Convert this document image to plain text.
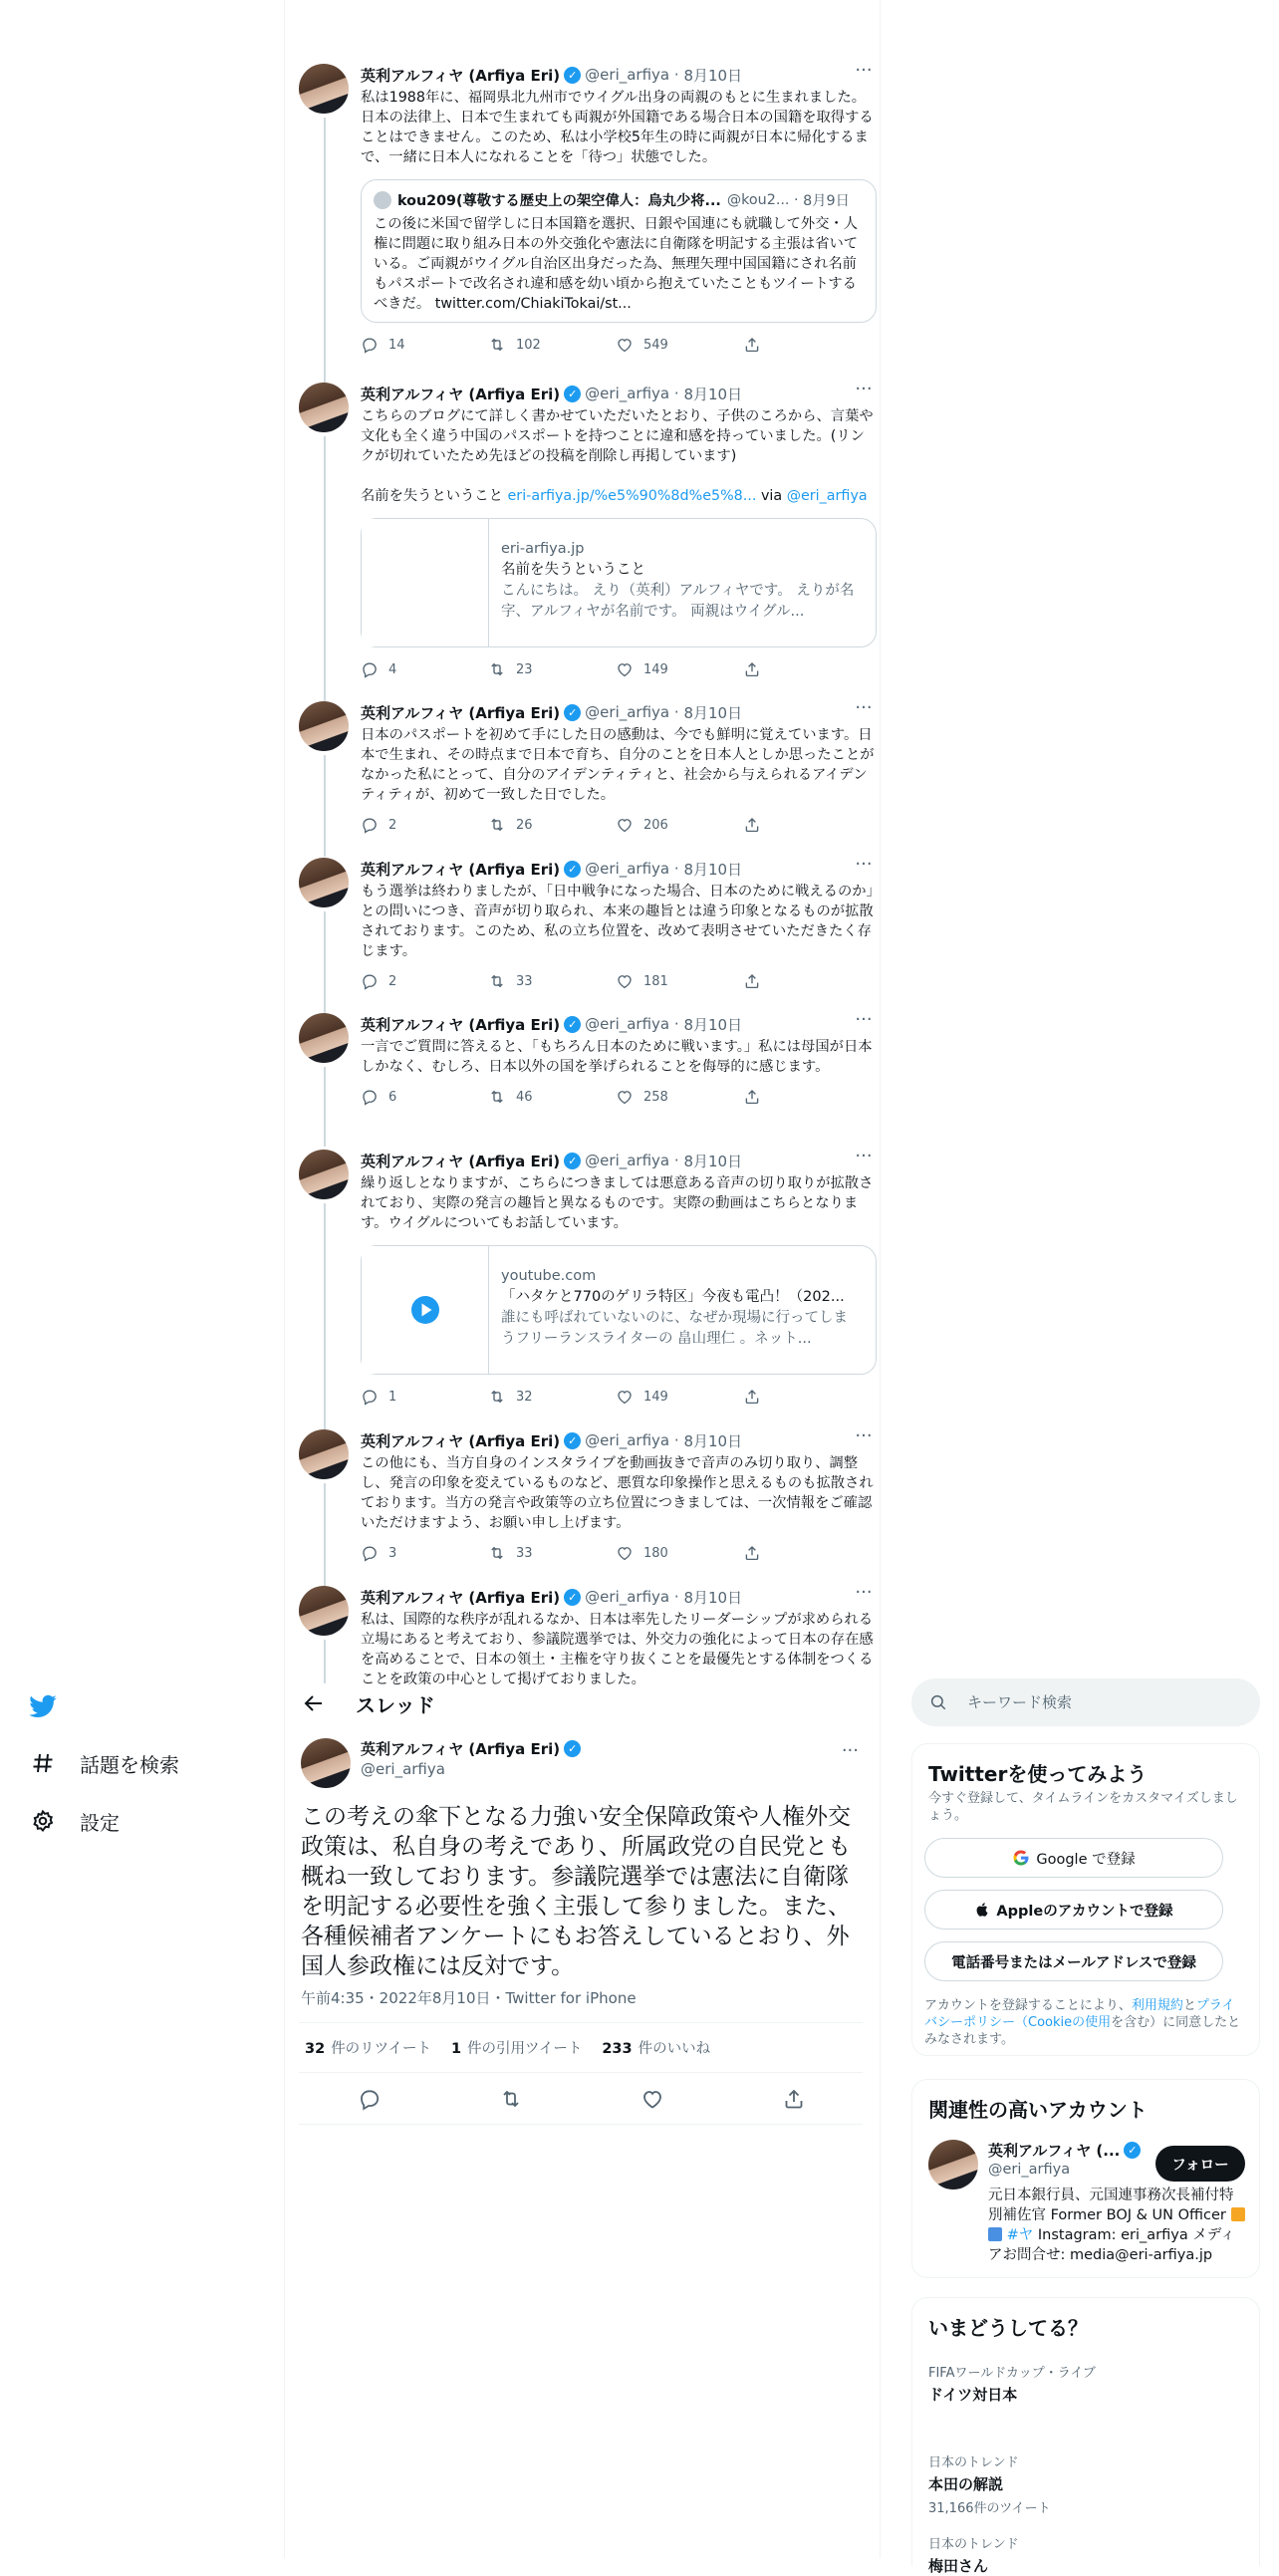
英利アルフィヤ (Arfiya Eri) ✓ @eri_arfiya · 8月10日	···
私は1988年に、福岡県北九州市でウイグル出身の両親のもとに生まれました。日本の法律上、日本で生まれても両親が外国籍である場合日本の国籍を取得することはできません。このため、私は小学校5年生の時に両親が日本に帰化するまで、一緒に日本人になれることを「待つ」状態でした。
kou209(尊敬する歴史上の架空偉人：烏丸少将... @kou2... · 8月9日
この後に米国で留学しに日本国籍を選択、日銀や国連にも就職して外交・人権に問題に取り組み日本の外交強化や憲法に自衛隊を明記する主張は省いている。ご両親がウイグル自治区出身だった為、無理矢理中国国籍にされ名前もパスポートで改名され違和感を幼い頃から抱えていたこともツイートするべきだ。 twitter.com/ChiakiTokai/st...
14	102	549
英利アルフィヤ (Arfiya Eri) ✓ @eri_arfiya · 8月10日	···
こちらのブログにて詳しく書かせていただいたとおり、子供のころから、言葉や文化も全く違う中国のパスポートを持つことに違和感を持っていました。(リンクが切れていたため先ほどの投稿を削除し再掲しています)
名前を失うということ eri-arfiya.jp/%e5%90%8d%e5%8... via @eri_arfiya
eri-arfiya.jp
名前を失うということ
こんにちは。 えり（英利）アルフィヤです。 えりが名字、アルフィヤが名前です。 両親はウイグル...
4	23	149
英利アルフィヤ (Arfiya Eri) ✓ @eri_arfiya · 8月10日	···
日本のパスポートを初めて手にした日の感動は、今でも鮮明に覚えています。日本で生まれ、その時点まで日本で育ち、自分のことを日本人としか思ったことがなかった私にとって、自分のアイデンティティと、社会から与えられるアイデンティティが、初めて一致した日でした。
2	26	206
英利アルフィヤ (Arfiya Eri) ✓ @eri_arfiya · 8月10日	···
もう選挙は終わりましたが、「日中戦争になった場合、日本のために戦えるのか」との問いにつき、音声が切り取られ、本来の趣旨とは違う印象となるものが拡散されております。このため、私の立ち位置を、改めて表明させていただきたく存じます。
2	33	181
英利アルフィヤ (Arfiya Eri) ✓ @eri_arfiya · 8月10日	···
一言でご質問に答えると、「もちろん日本のために戦います。」私には母国が日本しかなく、むしろ、日本以外の国を挙げられることを侮辱的に感じます。
6	46	258
英利アルフィヤ (Arfiya Eri) ✓ @eri_arfiya · 8月10日	···
繰り返しとなりますが、こちらにつきましては悪意ある音声の切り取りが拡散されており、実際の発言の趣旨と異なるものです。実際の動画はこちらとなります。ウイグルについてもお話しています。
youtube.com
「ハタケと770のゲリラ特区」今夜も電凸！（202...
誰にも呼ばれていないのに、なぜか現場に行ってしまうフリーランスライターの 畠山理仁 。ネット...
1	32	149
英利アルフィヤ (Arfiya Eri) ✓ @eri_arfiya · 8月10日	···
この他にも、当方自身のインスタライブを動画抜きで音声のみ切り取り、調整し、発言の印象を変えているものなど、悪質な印象操作と思えるものも拡散されております。当方の発言や政策等の立ち位置につきましては、一次情報をご確認いただけますよう、お願い申し上げます。
3	33	180
英利アルフィヤ (Arfiya Eri) ✓ @eri_arfiya · 8月10日	···
私は、国際的な秩序が乱れるなか、日本は率先したリーダーシップが求められる立場にあると考えており、参議院選挙では、外交力の強化によって日本の存在感を高めることで、日本の領土・主権を守り抜くことを最優先とする体制をつくることを政策の中心として掲げておりました。
話題を検索
設定
スレッド
英利アルフィヤ (Arfiya Eri) ✓
@eri_arfiya
···
この考えの傘下となる力強い安全保障政策や人権外交政策は、私自身の考えであり、所属政党の自民党とも概ね一致しております。参議院選挙では憲法に自衛隊を明記する必要性を強く主張して参りました。また、各種候補者アンケートにもお答えしているとおり、外国人参政権には反対です。
午前4:35・2022年8月10日・Twitter for iPhone
32 件のリツイート 1 件の引用ツイート 233 件のいいね
キーワード検索
Twitterを使ってみよう
今すぐ登録して、タイムラインをカスタマイズしましょう。
Google で登録
Appleのアカウントで登録
電話番号またはメールアドレスで登録
アカウントを登録することにより、利用規約とプライバシーポリシー（Cookieの使用を含む）に同意したとみなされます。
関連性の高いアカウント
英利アルフィヤ (... ✓
@eri_arfiya	フォロー
元日本銀行員、元国連事務次長補付特別補佐官 Former BOJ & UN Officer   #ヤ Instagram: eri_arfiya メディアお問合せ: media@eri-arfiya.jp
いまどうしてる？
FIFAワールドカップ・ライブ
ドイツ対日本
日本のトレンド
本田の解説
31,166件のツイート
日本のトレンド
梅田さん
